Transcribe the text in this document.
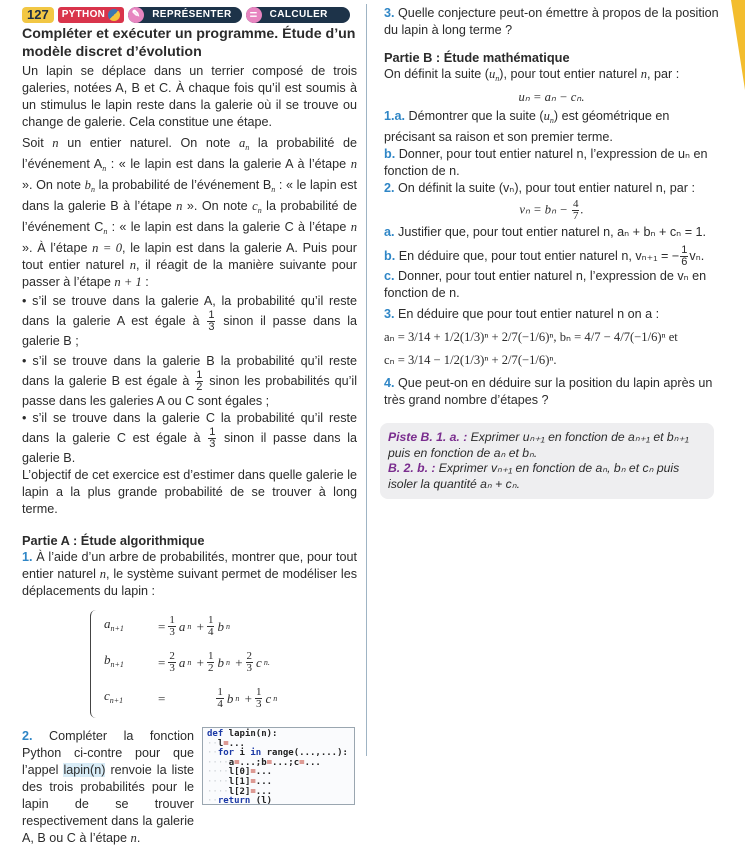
127	PYTHON ✎	REPRÉSENTER =	CALCULER
Compléter et exécuter un programme. Étude d’un modèle discret d’évolution

Un lapin se déplace dans un terrier composé de trois galeries, notées A, B et C. À chaque fois qu’il est soumis à un stimulus le lapin reste dans la galerie où il se trouve ou change de galerie. Cela constitue une étape.

Soit n un entier naturel. On note $a_n$ la probabilité de l’événement $A_n$ : « le lapin est dans la galerie A à l’étape n ». On note $b_n$ la probabilité de l’événement $B_n$ : « le lapin est dans la galerie B à l’étape n ». On note $c_n$ la probabilité de l’événement $C_n$ : « le lapin est dans la galerie C à l’étape n ». À l’étape n = 0, le lapin est dans la galerie A. Puis pour tout entier naturel n, il réagit de la manière suivante pour passer à l’étape n + 1 :

• s’il se trouve dans la galerie A, la probabilité qu’il reste dans la galerie A est égale à $\frac{1}{3}$ sinon il passe dans la galerie B ;

• s’il se trouve dans la galerie B la probabilité qu’il reste dans la galerie B est égale à $\frac{1}{2}$ sinon les probabilités qu’il passe dans les galeries A ou C sont égales ;

• s’il se trouve dans la galerie C la probabilité qu’il reste dans la galerie C est égale à $\frac{1}{3}$ sinon il passe dans la galerie B.

L’objectif de cet exercice est d’estimer dans quelle galerie le lapin a la plus grande probabilité de se trouver à long terme.

Partie A : Étude algorithmique

1. À l’aide d’un arbre de probabilités, montrer que, pour tout entier naturel n, le système suivant permet de modéliser les déplacements du lapin :

$a_{n+1}$	= $\frac{1}{3}$ a $n + \frac{1}{4}$ b n
$b_{n+1}$	= $\frac{2}{3}$ a $n + \frac{1}{2}$ b $n + \frac{2}{3}$ c n.
$c_{n+1}$	=	$\frac{1}{4}$ b $n + \frac{1}{3}$ c n

2. Compléter la fonction Python ci-contre pour que l’appel lapin(n) renvoie la liste des trois probabilités pour le lapin de se trouver respectivement dans la galerie A, B ou C à l’étape n.

def lapin(n):
··l=...
··for i in range(...,...):
····a=...;b=...;c=...
····l[0]=...
····l[1]=...
····l[2]=...
··return (l)

3. Quelle conjecture peut-on émettre à propos de la position du lapin à long terme ?

Partie B : Étude mathématique

On définit la suite $(u_n)$, pour tout entier naturel n, par :

uₙ = aₙ − cₙ.

1.a. Démontrer que la suite $(u_n)$ est géométrique en précisant sa raison et son premier terme.

b. Donner, pour tout entier naturel n, l’expression de uₙ en fonction de n.

2. On définit la suite (vₙ), pour tout entier naturel n, par :

$v_n = b_n - \frac{4}{7}$ .

a. Justifier que, pour tout entier naturel n, aₙ + bₙ + cₙ = 1.

b. En déduire que, pour tout entier naturel n, vₙ₊₁ = − $\frac{1}{6} v_n$.

c. Donner, pour tout entier naturel n, l’expression de vₙ en fonction de n.

3. En déduire que pour tout entier naturel n on a :

aₙ = 3/14 + 1/2(1/3)ⁿ + 2/7(−1/6)ⁿ, bₙ = 4/7 − 4/7(−1/6)ⁿ et

cₙ = 3/14 − 1/2(1/3)ⁿ + 2/7(−1/6)ⁿ.

4. Que peut-on en déduire sur la position du lapin après un très grand nombre d’étapes ?

Piste B. 1. a. : Exprimer uₙ₊₁ en fonction de aₙ₊₁ et bₙ₊₁ puis en fonction de aₙ et bₙ.
B. 2. b. : Exprimer vₙ₊₁ en fonction de aₙ, bₙ et cₙ puis isoler la quantité aₙ + cₙ.
